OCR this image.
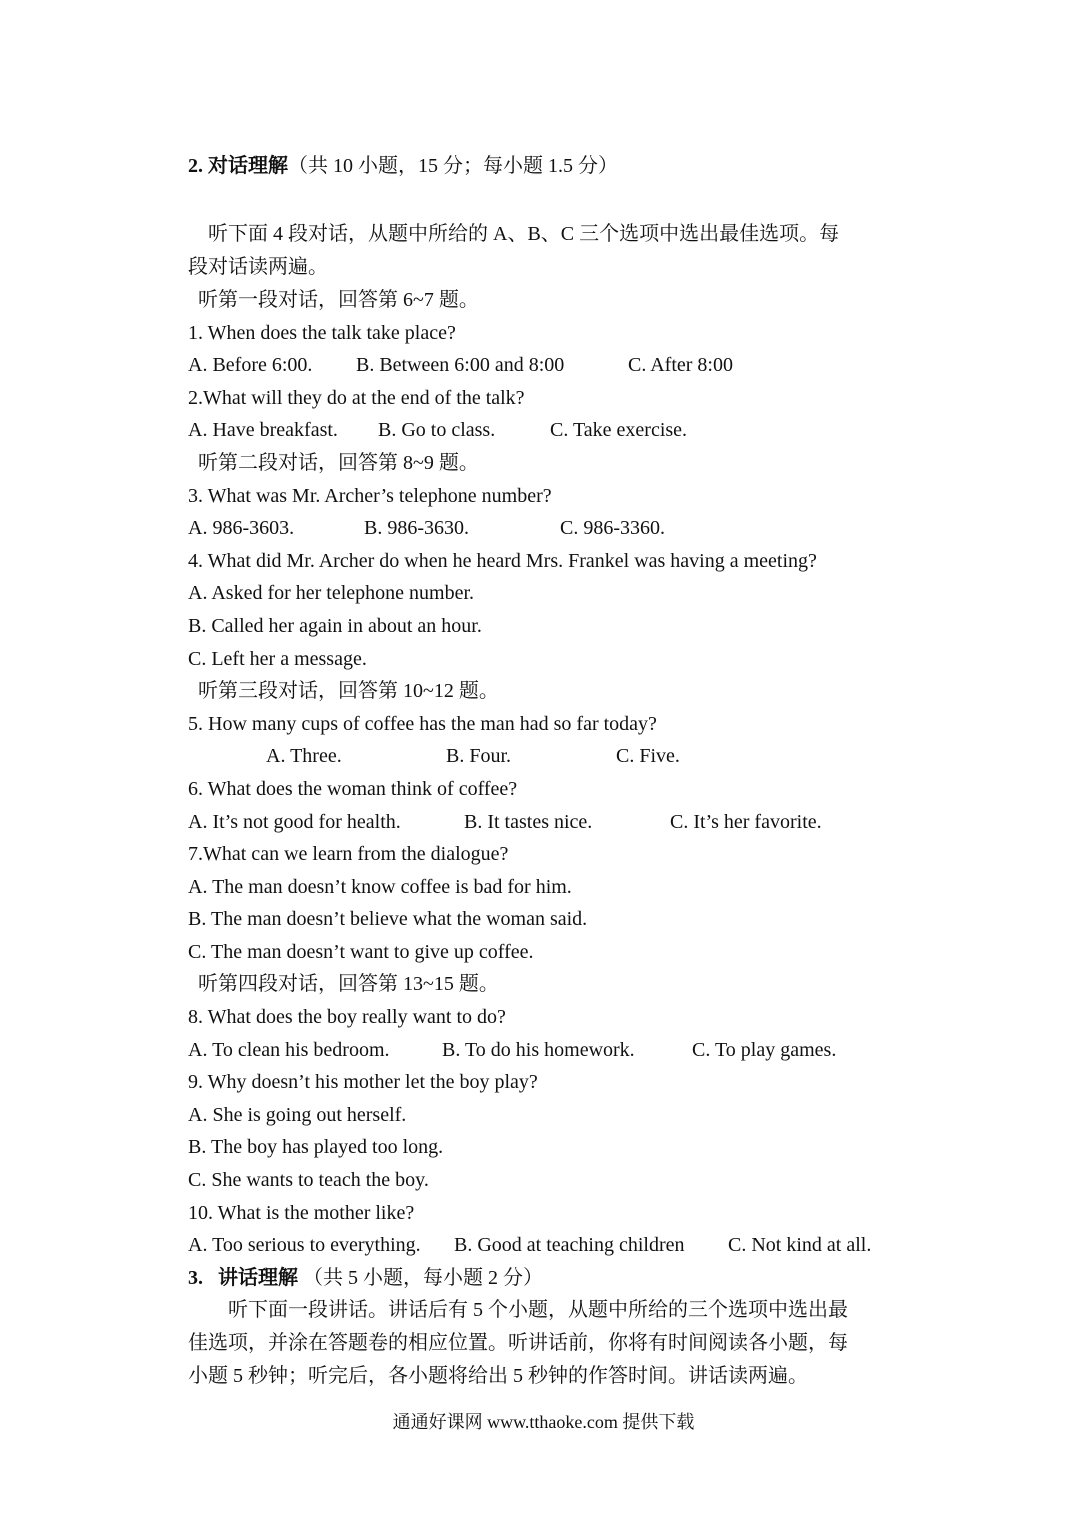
2. 对话理解（共 10 小题，15 分；每小题 1.5 分）
听下面 4 段对话，从题中所给的 A、B、C 三个选项中选出最佳选项。每
段对话读两遍。
听第一段对话，回答第 6~7 题。
1. When does the talk take place?
A. Before 6:00. B. Between 6:00 and 8:00	C. After 8:00
2.What will they do at the end of the talk?
A. Have breakfast. B. Go to class.	C. Take exercise.
听第二段对话，回答第 8~9 题。
3. What was Mr. Archer’s telephone number?
A. 986-3603.	B. 986-3630.	C. 986-3360.
4. What did Mr. Archer do when he heard Mrs. Frankel was having a meeting?
A. Asked for her telephone number.
B. Called her again in about an hour.
C. Left her a message.
听第三段对话，回答第 10~12 题。
5. How many cups of coffee has the man had so far today?
A. Three.	B. Four.	C. Five.
6. What does the woman think of coffee?
A. It’s not good for health.	B. It tastes nice.	C. It’s her favorite.
7.What can we learn from the dialogue?
A. The man doesn’t know coffee is bad for him.
B. The man doesn’t believe what the woman said.
C. The man doesn’t want to give up coffee.
听第四段对话，回答第 13~15 题。
8. What does the boy really want to do?
A. To clean his bedroom.	B. To do his homework.	C. To play games.
9. Why doesn’t his mother let the boy play?
A. She is going out herself.
B. The boy has played too long.
C. She wants to teach the boy.
10. What is the mother like?
A. Too serious to everything. B. Good at teaching children C. Not kind at all.
3. 讲话理解 （共 5 小题，每小题 2 分）
听下面一段讲话。讲话后有 5 个小题，从题中所给的三个选项中选出最
佳选项，并涂在答题卷的相应位置。听讲话前，你将有时间阅读各小题，每
小题 5 秒钟；听完后，各小题将给出 5 秒钟的作答时间。讲话读两遍。
通通好课网 www.tthaoke.com 提供下载
